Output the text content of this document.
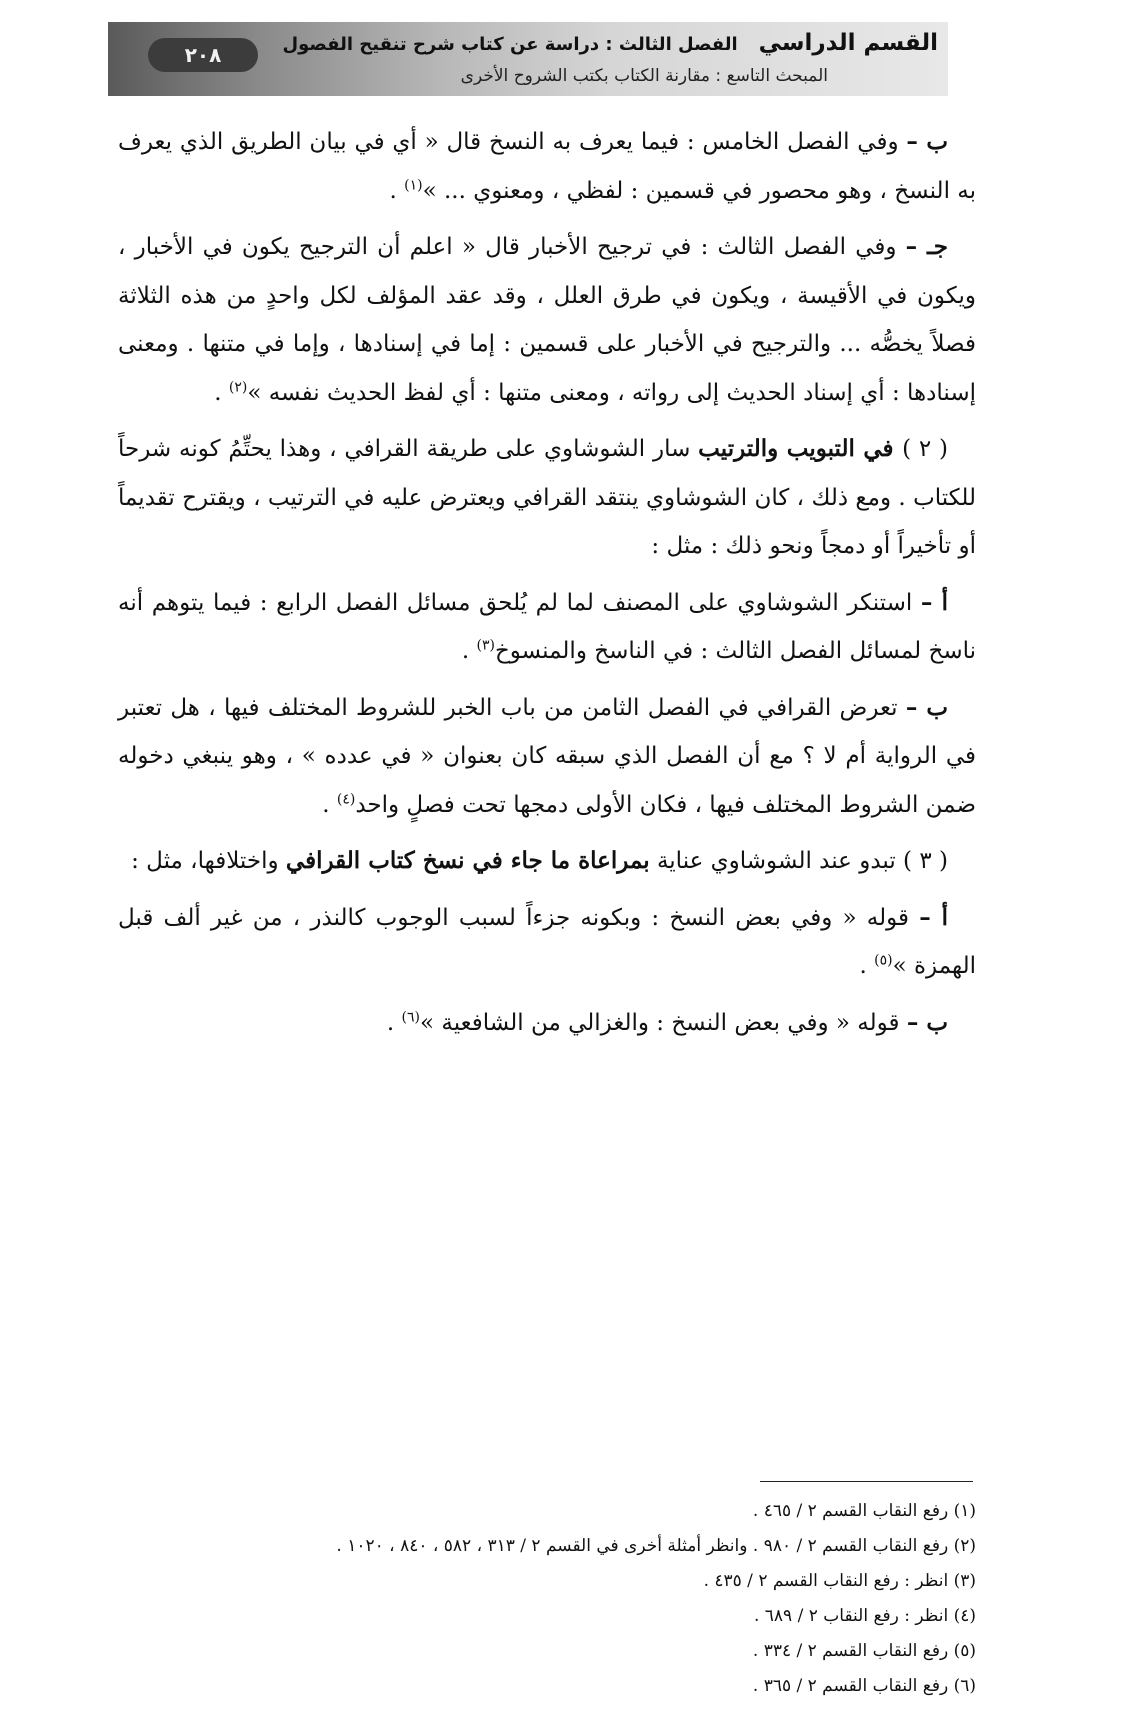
القسم الدراسي الفصل الثالث : دراسة عن كتاب شرح تنقيح الفصول
المبحث التاسع : مقارنة الكتاب بكتب الشروح الأخرى
٢٠٨

ب – وفي الفصل الخامس : فيما يعرف به النسخ قال « أي في بيان الطريق الذي يعرف به النسخ ، وهو محصور في قسمين : لفظي ، ومعنوي ... »$^{(١)}$ .

جـ – وفي الفصل الثالث : في ترجيح الأخبار قال « اعلم أن الترجيح يكون في الأخبار ، ويكون في الأقيسة ، ويكون في طرق العلل ، وقد عقد المؤلف لكل واحدٍ من هذه الثلاثة فصلاً يخصُّه ... والترجيح في الأخبار على قسمين : إما في إسنادها ، وإما في متنها . ومعنى إسنادها : أي إسناد الحديث إلى رواته ، ومعنى متنها : أي لفظ الحديث نفسه »$^{(٢)}$ .

( ٢ ) في التبويب والترتيب سار الشوشاوي على طريقة القرافي ، وهذا يحتِّمُ كونه شرحاً للكتاب . ومع ذلك ، كان الشوشاوي ينتقد القرافي ويعترض عليه في الترتيب ، ويقترح تقديماً أو تأخيراً أو دمجاً ونحو ذلك : مثل :

أ – استنكر الشوشاوي على المصنف لما لم يُلحق مسائل الفصل الرابع : فيما يتوهم أنه ناسخ لمسائل الفصل الثالث : في الناسخ والمنسوخ$^{(٣)}$ .

ب – تعرض القرافي في الفصل الثامن من باب الخبر للشروط المختلف فيها ، هل تعتبر في الرواية أم لا ؟ مع أن الفصل الذي سبقه كان بعنوان « في عدده » ، وهو ينبغي دخوله ضمن الشروط المختلف فيها ، فكان الأولى دمجها تحت فصلٍ واحد$^{(٤)}$ .

( ٣ ) تبدو عند الشوشاوي عناية بمراعاة ما جاء في نسخ كتاب القرافي واختلافها، مثل :

أ – قوله « وفي بعض النسخ : وبكونه جزءاً لسبب الوجوب كالنذر ، من غير ألف قبل الهمزة »$^{(٥)}$ .

ب – قوله « وفي بعض النسخ : والغزالي من الشافعية »$^{(٦)}$ .

(١) رفع النقاب القسم ٢ / ٤٦٥ .
(٢) رفع النقاب القسم ٢ / ٩٨٠ . وانظر أمثلة أخرى في القسم ٢ / ٣١٣ ، ٥٨٢ ، ٨٤٠ ، ١٠٢٠ .
(٣) انظر : رفع النقاب القسم ٢ / ٤٣٥ .
(٤) انظر : رفع النقاب ٢ / ٦٨٩ .
(٥) رفع النقاب القسم ٢ / ٣٣٤ .
(٦) رفع النقاب القسم ٢ / ٣٦٥ .
